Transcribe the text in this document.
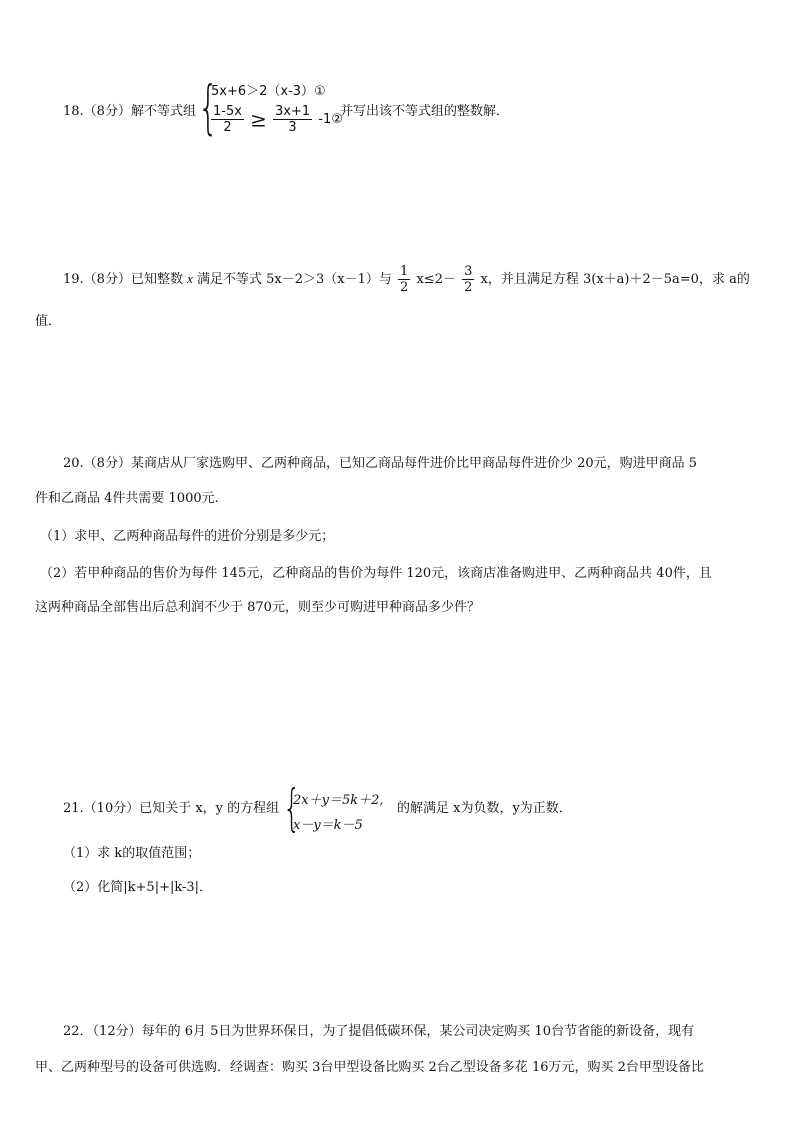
18.（8分）解不等式组 {
5x+6＞2（x-3）①
$\frac{1-5x}{2} \ge \frac{3x+1}{3}$ -1②
并写出该不等式组的整数解．
19.（8分）已知整数 x 满足不等式 5x－2＞3（x－1）与 $\frac{1}{2} x\le 2- \frac{3}{2}$ x，并且满足方程 3(x＋a)＋2－5a=0，求 a的
值．
20.（8分）某商店从厂家选购甲、乙两种商品，已知乙商品每件进价比甲商品每件进价少 20元，购进甲商品 5
件和乙商品 4件共需要 1000元.
（1）求甲、乙两种商品每件的进价分别是多少元；
（2）若甲种商品的售价为每件 145元，乙种商品的售价为每件 120元，该商店准备购进甲、乙两种商品共 40件，且
这两种商品全部售出后总利润不少于 870元，则至少可购进甲种商品多少件？
21.（10分）已知关于 x，y 的方程组 {
2x＋y＝5k＋2,
x－y＝k－5
的解满足 x为负数，y为正数．
（1）求 k的取值范围；
（2）化简|k+5|+|k-3|．
22．（12分）每年的 6月 5日为世界环保日，为了提倡低碳环保，某公司决定购买 10台节省能的新设备，现有
甲、乙两种型号的设备可供选购．经调查：购买 3台甲型设备比购买 2台乙型设备多花 16万元，购买 2台甲型设备比
